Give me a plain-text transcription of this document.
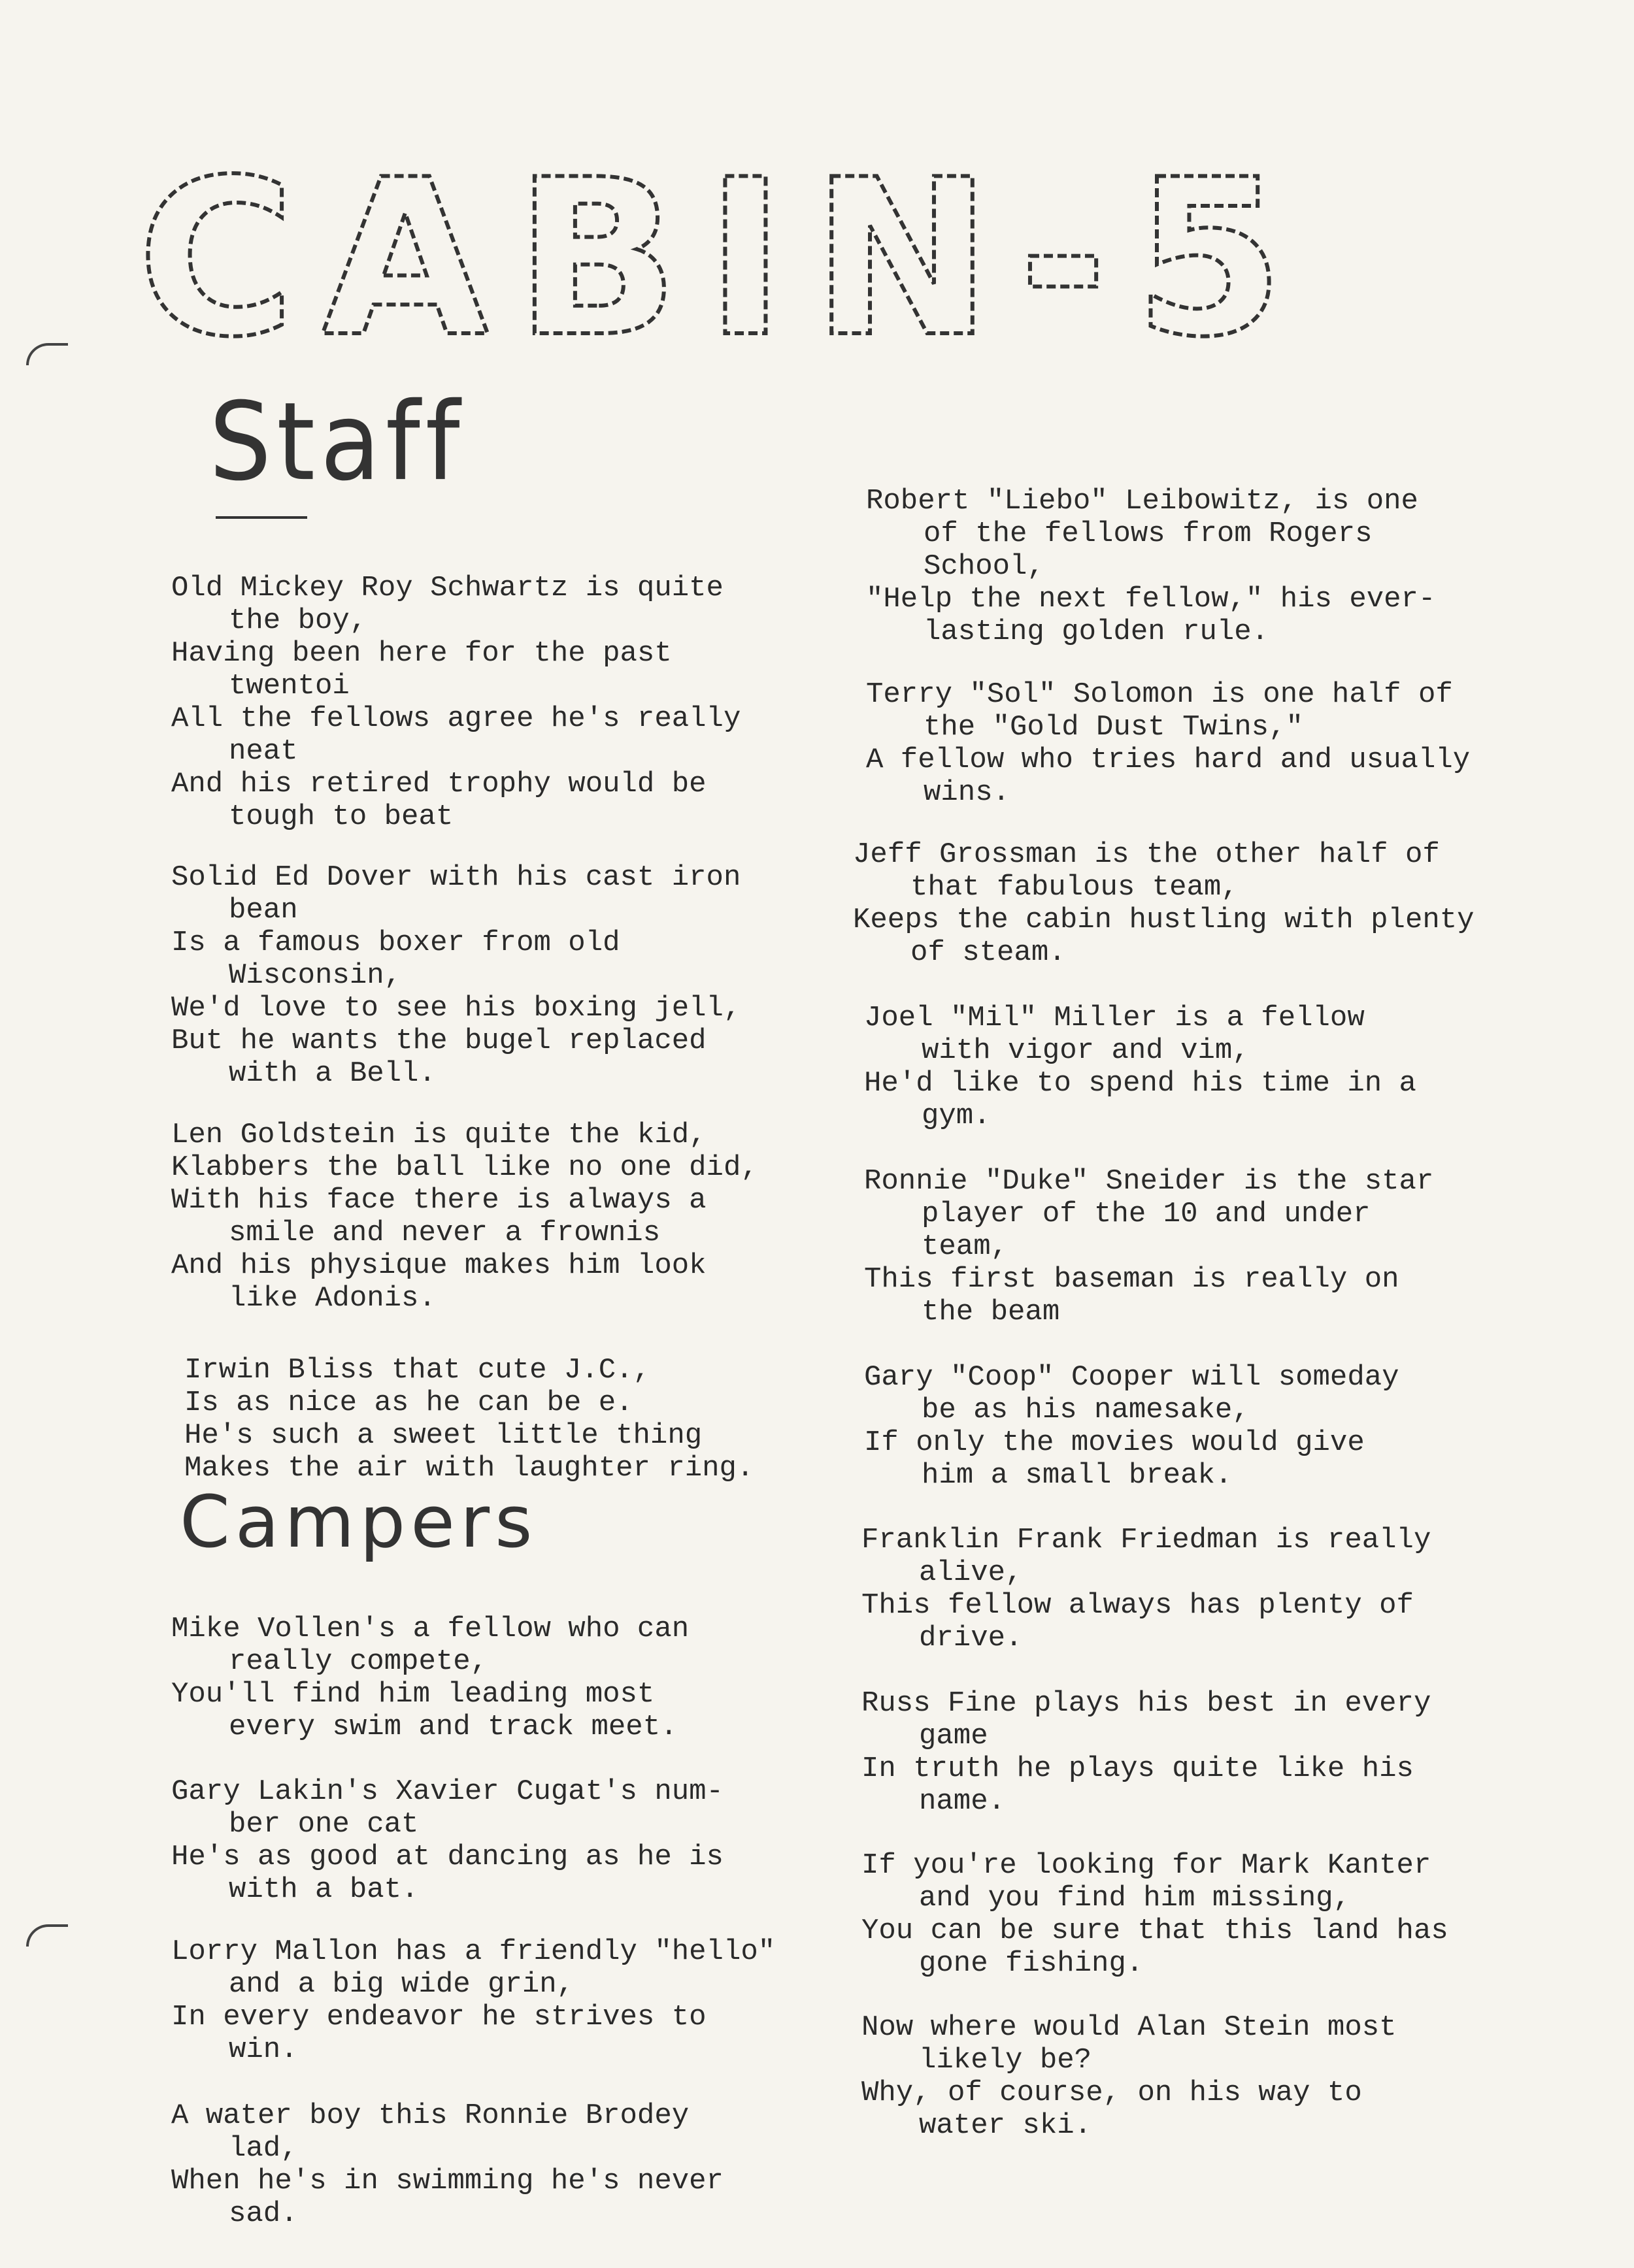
CABIN-5
Staff
Old Mickey Roy Schwartz is quite
the boy,
Having been here for the past
twentoi
All the fellows agree he's really
neat
And his retired trophy would be
tough to beat
Solid Ed Dover with his cast iron
bean
Is a famous boxer from old
Wisconsin,
We'd love to see his boxing jell,
But he wants the bugel replaced
with a Bell.
Len Goldstein is quite the kid,
Klabbers the ball like no one did,
With his face there is always a
smile and never a frownis
And his physique makes him look
like Adonis.
Irwin Bliss that cute J.C.,
Is as nice as he can be e.
He's such a sweet little thing
Makes the air with laughter ring.
Campers
Mike Vollen's a fellow who can
really compete,
You'll find him leading most
every swim and track meet.
Gary Lakin's Xavier Cugat's num-
ber one cat
He's as good at dancing as he is
with a bat.
Lorry Mallon has a friendly "hello"
and a big wide grin,
In every endeavor he strives to
win.
A water boy this Ronnie Brodey
lad,
When he's in swimming he's never
sad.
Robert "Liebo" Leibowitz, is one
of the fellows from Rogers
School,
"Help the next fellow," his ever-
lasting golden rule.
Terry "Sol" Solomon is one half of
the "Gold Dust Twins,"
A fellow who tries hard and usually
wins.
Jeff Grossman is the other half of
that fabulous team,
Keeps the cabin hustling with plenty
of steam.
Joel "Mil" Miller is a fellow
with vigor and vim,
He'd like to spend his time in a
gym.
Ronnie "Duke" Sneider is the star
player of the 10 and under
team,
This first baseman is really on
the beam
Gary "Coop" Cooper will someday
be as his namesake,
If only the movies would give
him a small break.
Franklin Frank Friedman is really
alive,
This fellow always has plenty of
drive.
Russ Fine plays his best in every
game
In truth he plays quite like his
name.
If you're looking for Mark Kanter
and you find him missing,
You can be sure that this land has
gone fishing.
Now where would Alan Stein most
likely be?
Why, of course, on his way to
water ski.
